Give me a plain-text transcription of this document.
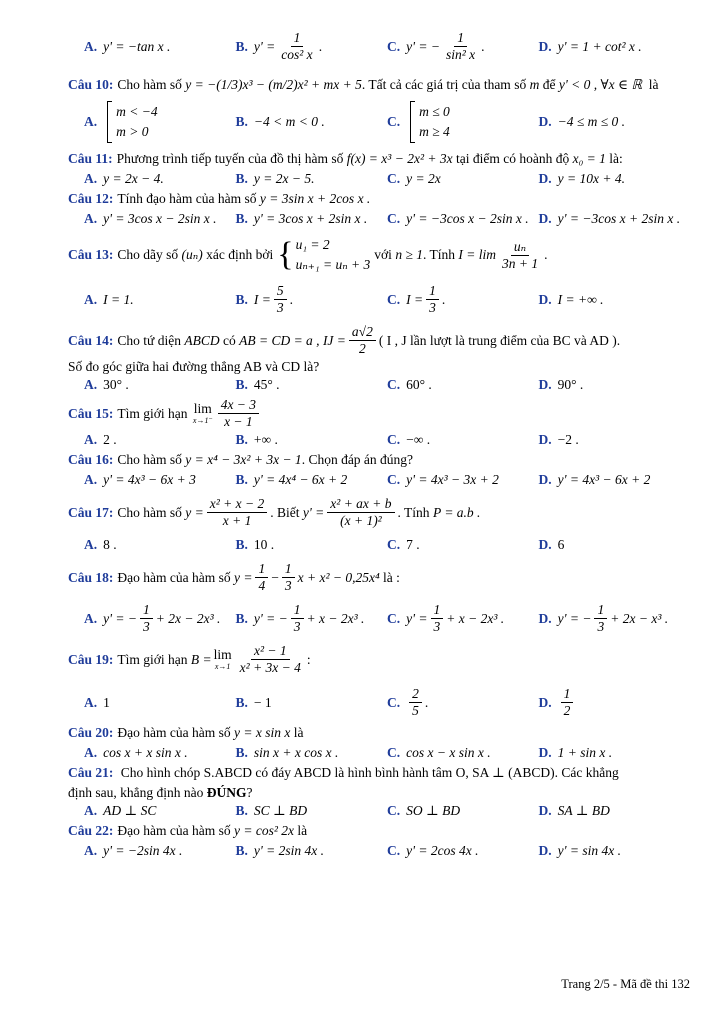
A. y' = −tan x .	B. $y' = \frac{1}{\text{cos² x}}$ .	C. y' = − $\frac{1}{\text{sin² x}}$ .	D. y' = 1 + cot² x .
Câu 10: Cho hàm số
y = −(1/3)x³ − (m/2)x² + mx + 5 . Tất cả các giá trị của tham số
m
để
y' < 0 , ∀x ∈ ℝ
là
A.
m < −4
m > 0
B. −4 < m < 0 .	C.
m ≤ 0
m ≥ 4
D. −4 ≤ m ≤ 0 .
Câu 11: Phương trình tiếp tuyến của đồ thị hàm số
f(x) = x³ − 2x² + 3x
tại điểm có hoành độ
x₀ = 1
là:
A. y = 2x − 4.	B. y = 2x − 5.	C. y = 2x	D. y = 10x + 4.
Câu 12: Tính đạo hàm của hàm số
y = 3sin x + 2cos x .
A. y' = 3cos x − 2sin x . B. y' = 3cos x + 2sin x . C. y' = −3cos x − 2sin x . D. y' = −3cos x + 2sin x .
Câu 13: Cho dãy số
(uₙ)
xác định bởi { u₁ = 2
uₙ₊₁ = uₙ + 3
với
n ≥ 1 . Tính
$I = \lim \frac{\text{uₙ}}{3n + 1}$ .
A. I = 1.	B. $I = \frac{5}{3}$ .	C. $I = \frac{1}{3}$ .	D. I = +∞ .
Câu 14: Cho tứ diện
ABCD
có
AB = CD = a ,
IJ = $\frac{a√2}{2}$ ( I , J lần lượt là trung điểm của BC và AD ).
Số đo góc giữa hai đường thẳng AB và CD là?
A. 30° .	B. 45° .	C. 60° .	D. 90° .
Câu 15: Tìm giới hạn
lim
$x\to 1^- \frac{4x - 3}{x - 1}$
A. 2 .	B. +∞ .	C. −∞ .	D. −2 .
Câu 16: Cho hàm số
y = x⁴ − 3x² + 3x − 1 . Chọn đáp án đúng?
A. y' = 4x³ − 6x + 3	B. y' = 4x⁴ − 6x + 2	C. y' = 4x³ − 3x + 2	D. y' = 4x³ − 6x + 2
Câu 17: Cho hàm số
$y = \frac{\text{x² + x − 2}}{x + 1}$ . Biết
$y' = \frac{\text{x² + ax + b}}{\text{(x + 1)²}}$ . Tính
P = a.b .
A. 8 .	B. 10 .	C. 7 .	D. 6
Câu 18: Đạo hàm của hàm số
$y = \frac{1}{4} - \frac{1}{3}$ x + x² − 0,25x⁴
là :
A. y' = − $\frac{1}{3} + 2x - 2x^3$ . B. y' = − $\frac{1}{3} + x - 2x^3$ . C. $y' = \frac{1}{3} + x - 2x^3$ .	D. y' = − $\frac{1}{3} + 2x - x^3$ .
Câu 19: Tìm giới hạn
B = lim
$x\to 1 \frac{\text{x² − 1}}{\text{x² + 3x − 4}}$ :
A. 1	B. − 1	C. $\frac{2}{5}$ .	D. $\frac{1}{2}$
Câu 20: Đạo hàm của hàm số
y = x sin x
là
A. cos x + x sin x .	B. sin x + x cos x .	C. cos x − x sin x .	D. 1 + sin x .
Câu 21: Cho hình chóp S.ABCD có đáy ABCD là hình bình hành tâm O, SA ⊥ (ABCD). Các khẳng
định sau, khẳng định nào ĐÚNG?
A. AD ⊥ SC	B. SC ⊥ BD	C. SO ⊥ BD	D. SA ⊥ BD
Câu 22: Đạo hàm của hàm số
y = cos² 2x
là
A. y' = −2sin 4x .	B. y' = 2sin 4x .	C. y' = 2cos 4x .	D. y' = sin 4x .
Trang 2/5 - Mã đề thi 132
